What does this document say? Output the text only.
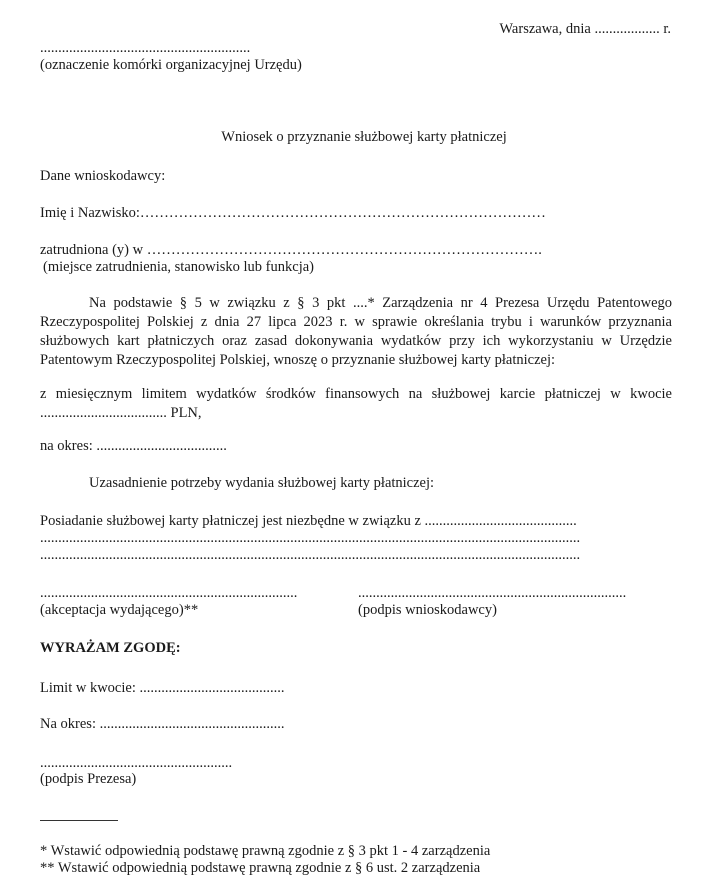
Warszawa, dnia .................. r.
..........................................................
(oznaczenie komórki organizacyjnej Urzędu)
Wniosek o przyznanie służbowej karty płatniczej
Dane wnioskodawcy:
Imię i Nazwisko:…………………………………………………………………………
zatrudniona (y) w ……………………………………………………………………….
(miejsce zatrudnienia, stanowisko lub funkcja)
Na podstawie § 5 w związku z § 3 pkt ....* Zarządzenia nr 4 Prezesa Urzędu Patentowego Rzeczypospolitej Polskiej z dnia 27 lipca 2023 r. w sprawie określania trybu i warunków przyznania służbowych kart płatniczych oraz zasad dokonywania wydatków przy ich wykorzystaniu w Urzędzie Patentowym Rzeczypospolitej Polskiej, wnoszę o przyznanie służbowej karty płatniczej:
z miesięcznym limitem wydatków środków finansowych na służbowej karcie płatniczej w kwocie ................................... PLN,
na okres: ....................................
Uzasadnienie potrzeby wydania służbowej karty płatniczej:
Posiadanie służbowej karty płatniczej jest niezbędne w związku z ..........................................
.....................................................................................................................................................
.....................................................................................................................................................
.......................................................................
(akceptacja wydającego)**
..........................................................................
(podpis wnioskodawcy)
WYRAŻAM ZGODĘ:
Limit w kwocie: ........................................
Na okres: ...................................................
.....................................................
(podpis Prezesa)
* Wstawić odpowiednią podstawę prawną zgodnie z § 3 pkt 1 - 4 zarządzenia
** Wstawić odpowiednią podstawę prawną zgodnie z § 6 ust. 2 zarządzenia
